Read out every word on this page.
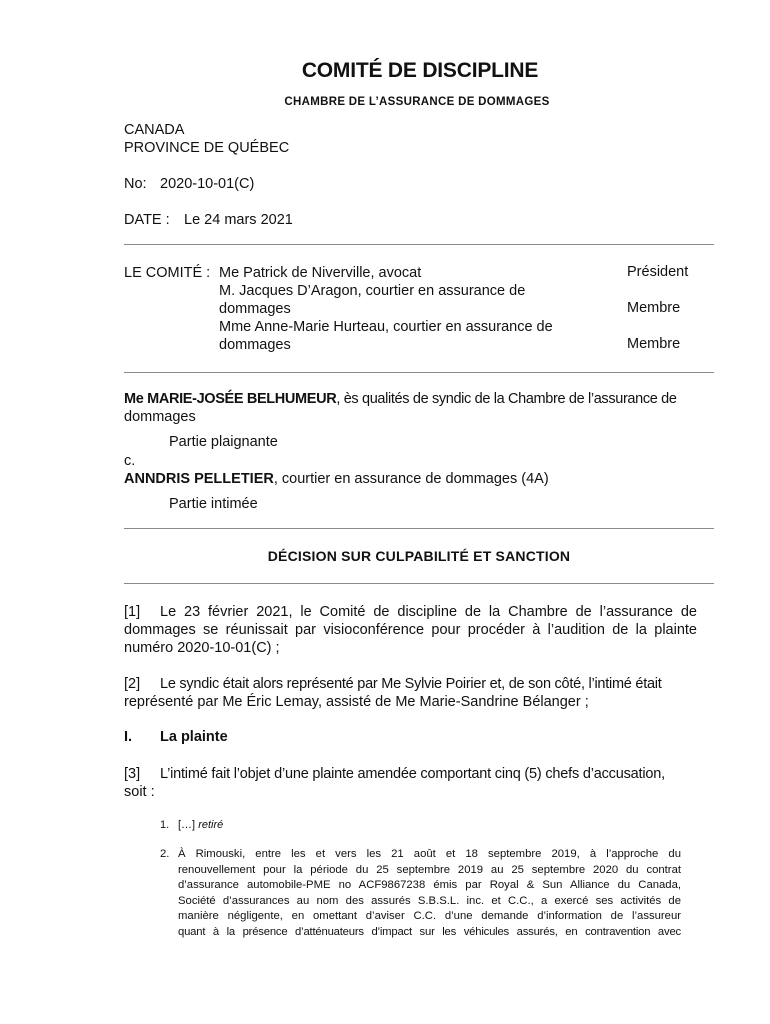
COMITÉ DE DISCIPLINE
CHAMBRE DE L’ASSURANCE DE DOMMAGES
CANADA
PROVINCE DE QUÉBEC
No: 2020-10-01(C)
DATE : Le 24 mars 2021
LE COMITÉ : Me Patrick de Niverville, avocat	Président
M. Jacques D’Aragon, courtier en assurance de
dommages	Membre
Mme Anne-Marie Hurteau, courtier en assurance de
dommages	Membre
Me MARIE-JOSÉE BELHUMEUR, ès qualités de syndic de la Chambre de l’assurance de
dommages
Partie plaignante
c.
ANNDRIS PELLETIER, courtier en assurance de dommages (4A)
Partie intimée
DÉCISION SUR CULPABILITÉ ET SANCTION
[1] Le 23 février 2021, le Comité de discipline de la Chambre de l’assurance de
dommages se réunissait par visioconférence pour procéder à l’audition de la plainte
numéro 2020-10-01(C) ;
[2] Le syndic était alors représenté par Me Sylvie Poirier et, de son côté, l’intimé était
représenté par Me Éric Lemay, assisté de Me Marie-Sandrine Bélanger ;
I. La plainte
[3] L’intimé fait l’objet d’une plainte amendée comportant cinq (5) chefs d’accusation,
soit :
1. […] retiré
2. À Rimouski, entre les et vers les 21 août et 18 septembre 2019, à l’approche du
renouvellement pour la période du 25 septembre 2019 au 25 septembre 2020 du contrat
d’assurance automobile-PME no ACF9867238 émis par Royal & Sun Alliance du Canada,
Société d’assurances au nom des assurés S.B.S.L. inc. et C.C., a exercé ses activités de
manière négligente, en omettant d’aviser C.C. d’une demande d’information de l’assureur
quant à la présence d’atténuateurs d’impact sur les véhicules assurés, en contravention avec
